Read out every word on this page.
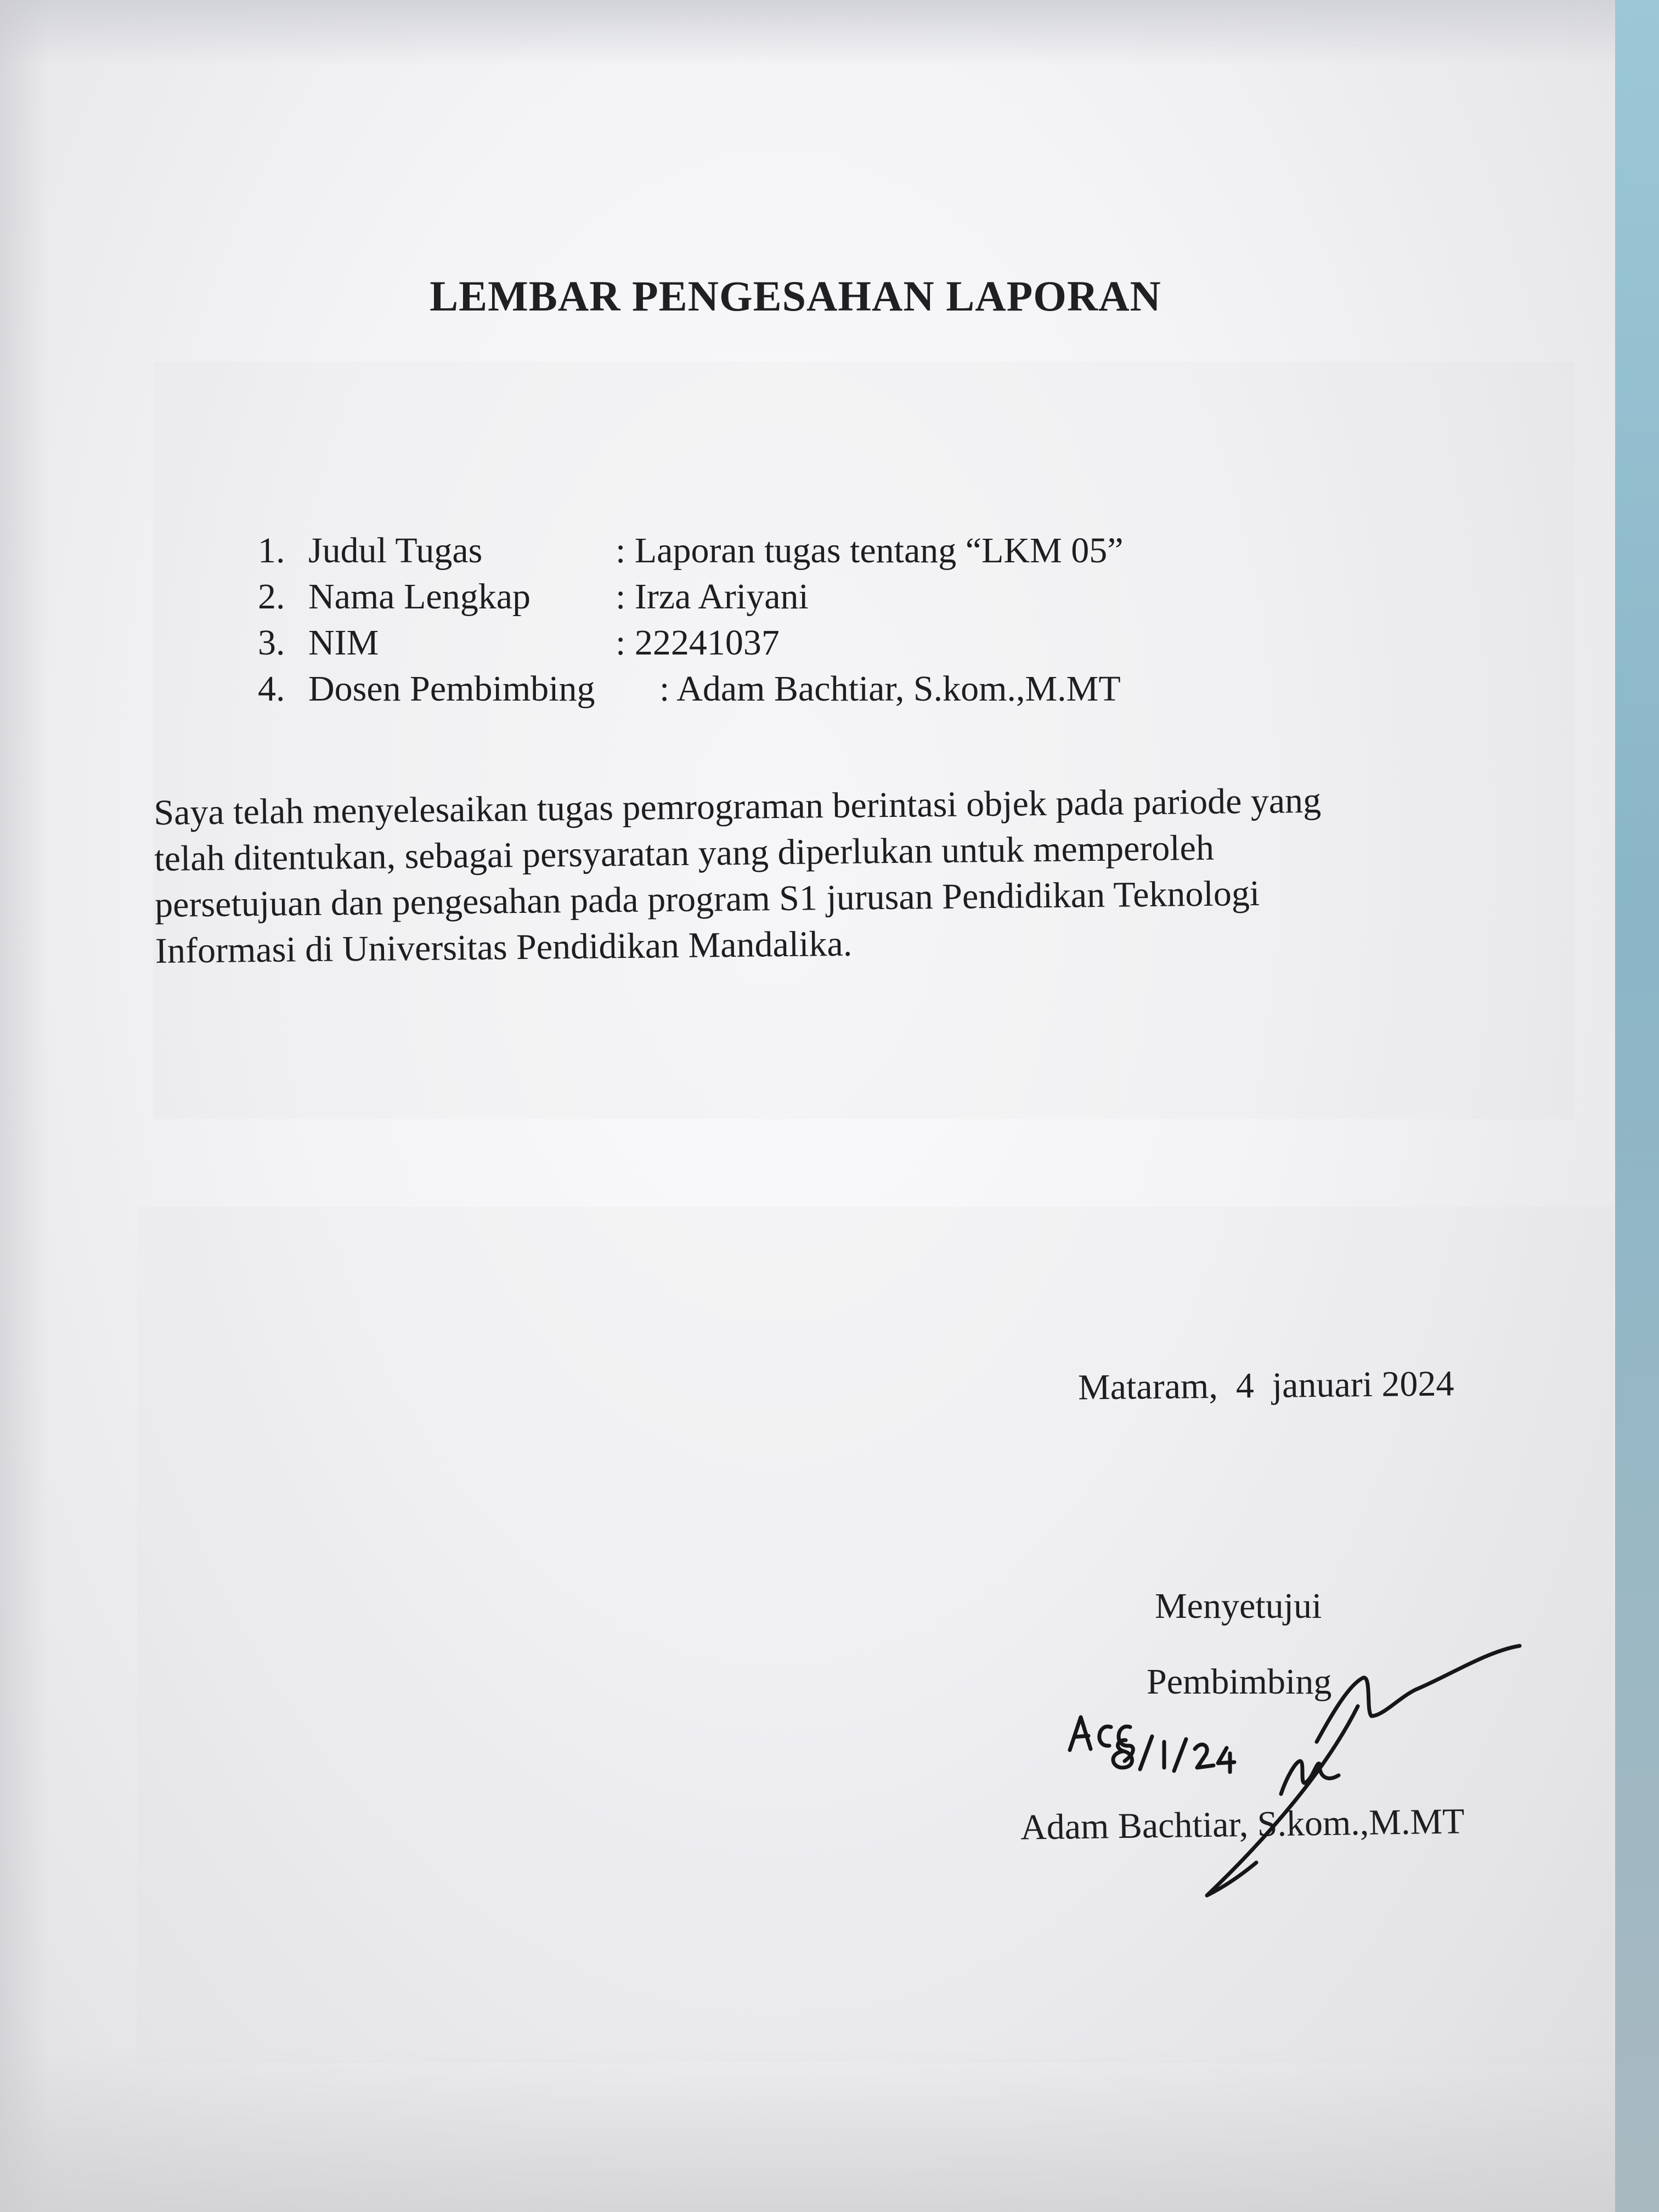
LEMBAR PENGESAHAN LAPORAN
1. Judul Tugas	: Laporan tugas tentang “LKM 05”
2. Nama Lengkap : Irza Ariyani
3. NIM	: 22241037
4. Dosen Pembimbing : Adam Bachtiar, S.kom.,M.MT
Saya telah menyelesaikan tugas pemrograman berintasi objek pada pariode yang
telah ditentukan, sebagai persyaratan yang diperlukan untuk memperoleh
persetujuan dan pengesahan pada program S1 jurusan Pendidikan Teknologi
Informasi di Universitas Pendidikan Mandalika.
Mataram,  4  januari 2024
Menyetujui
Pembimbing
Adam Bachtiar, S.kom.,M.MT
Acc 8/1/24
